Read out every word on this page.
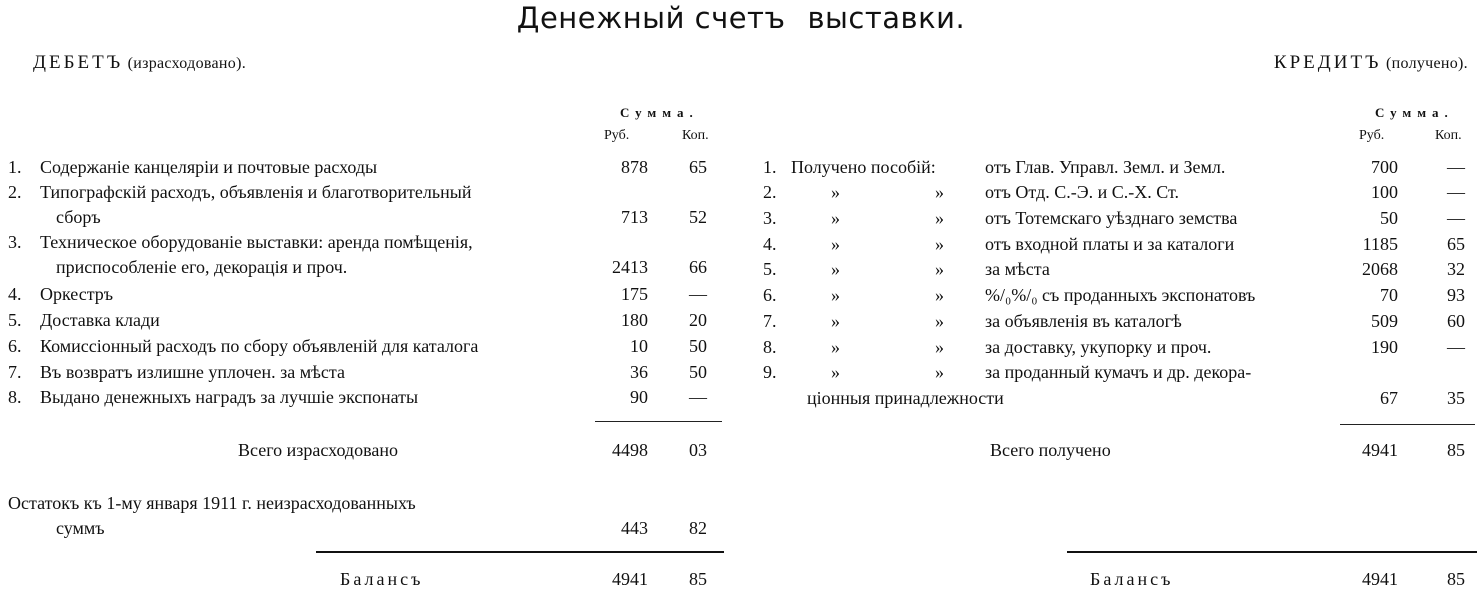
Денежный счетъ выставки.
ДЕБЕТЪ (израсходовано).
Сумма.
Руб.	Коп.
1. Содержаніе канцеляріи и почтовые расходы . . .	878	65
2. Типографскій расходъ, объявленія и благотворительный
сборъ . . .	713	52
3. Техническое оборудованіе выставки: аренда помѣщенія,
приспособленіе его, декорація и проч. . . .	2413	66
4. Оркестръ . . .	175	—
5. Доставка клади . . .	180	20
6. Комиссіонный расходъ по сбору объявленій для каталога	10	50
7. Въ возвратъ излишне уплочен. за мѣста . . .	36	50
8. Выдано денежныхъ наградъ за лучшіе экспонаты . . .	90	—
Всего израсходовано . . .	4498	03
Остатокъ къ 1-му января 1911 г. неизрасходованныхъ
суммъ . . .	443	82
Балансъ . . .	4941	85
КРЕДИТЪ (получено).
Сумма.
Руб.	Коп.
1. Получено пособій:	отъ Глав. Управл. Земл. и Земл. . . .	700	—
2.	»	» отъ Отд. С.-Э. и С.-Х. Ст. . . .	100	—
3.	»	» отъ Тотемскаго уѣзднаго земства	50	—
4.	»	» отъ входной платы и за каталоги	1185	65
5.	»	» за мѣста . . .	2068	32
6.	»	» %/₀%/₀ съ проданныхъ экспонатовъ	70	93
7.	»	» за объявленія въ каталогѣ . . .	509	60
8.	»	» за доставку, укупорку и проч. . . .	190	—
9.	»	» за проданный кумачъ и др. декора-
ціонныя принадлежности . . .	67	35
Всего получено . . .	4941	85
Балансъ . . .	4941	85
